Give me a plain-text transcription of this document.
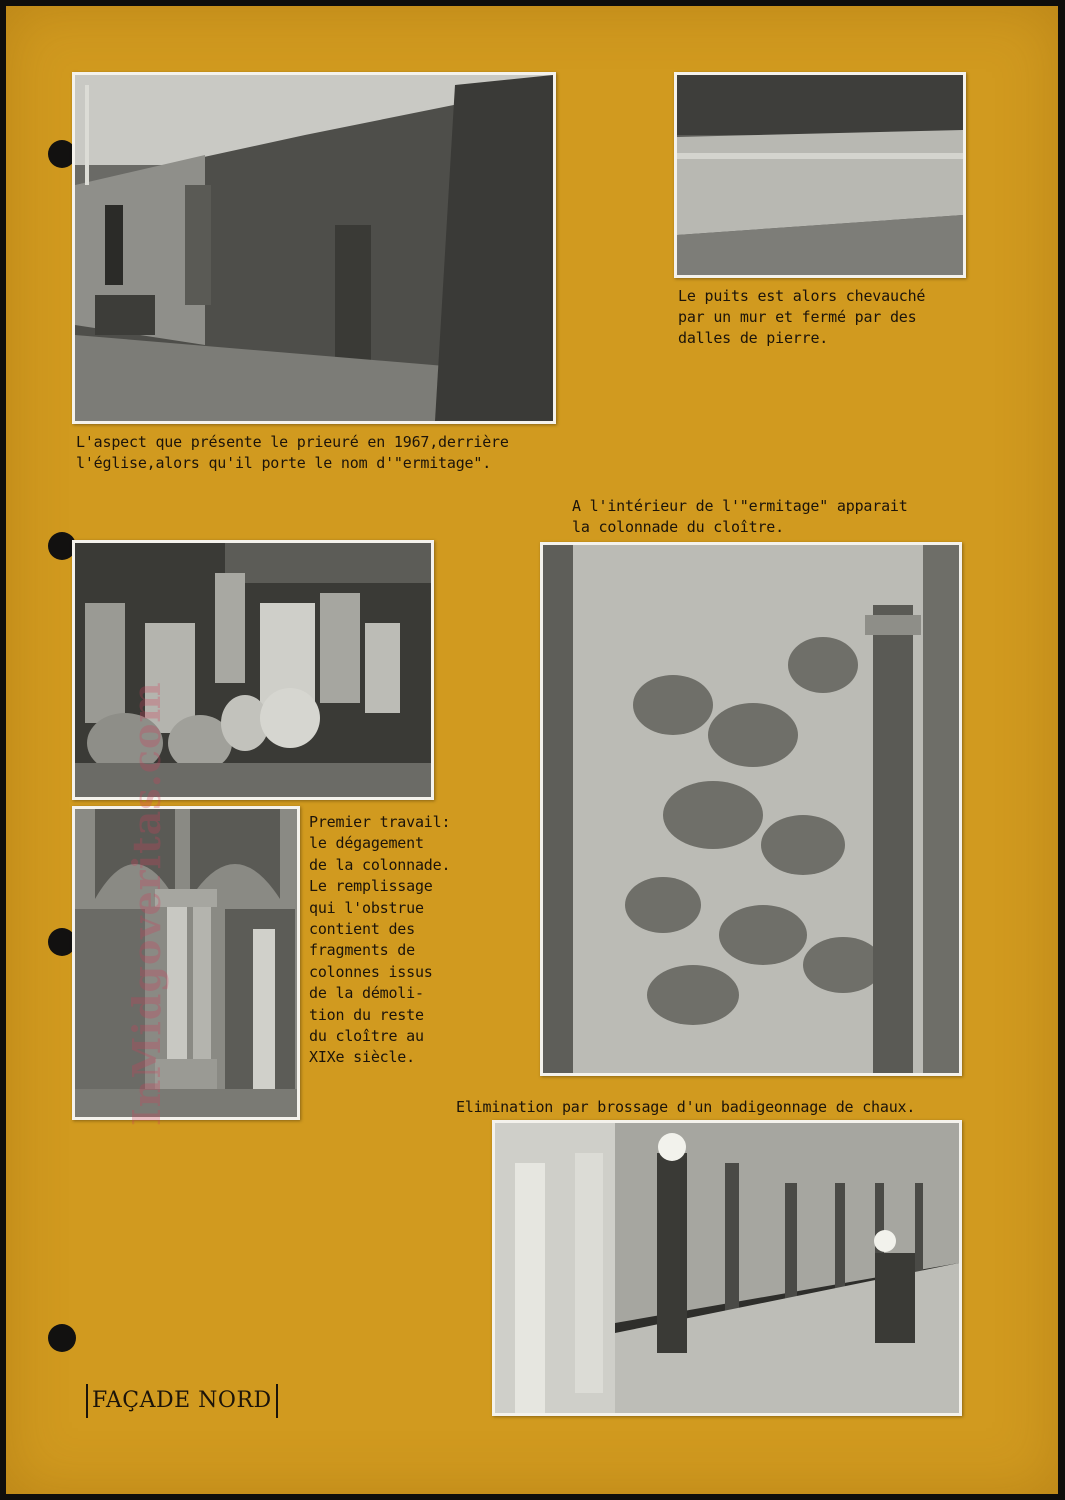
Le puits est alors chevauché
par un mur et fermé par des
dalles de pierre.
L'aspect que présente le prieuré en 1967,derrière
l'église,alors qu'il porte le nom d'"ermitage".
A l'intérieur de l'"ermitage" apparait
la colonnade du cloître.
Premier travail:
le dégagement
de la colonnade.
Le remplissage
qui l'obstrue
contient des
fragments de
colonnes issus
de la démoli-
tion du reste
du cloître au
XIXe siècle.
Elimination par brossage d'un badigeonnage de chaux.
FAÇADE NORD
InMidgoveritas.com
